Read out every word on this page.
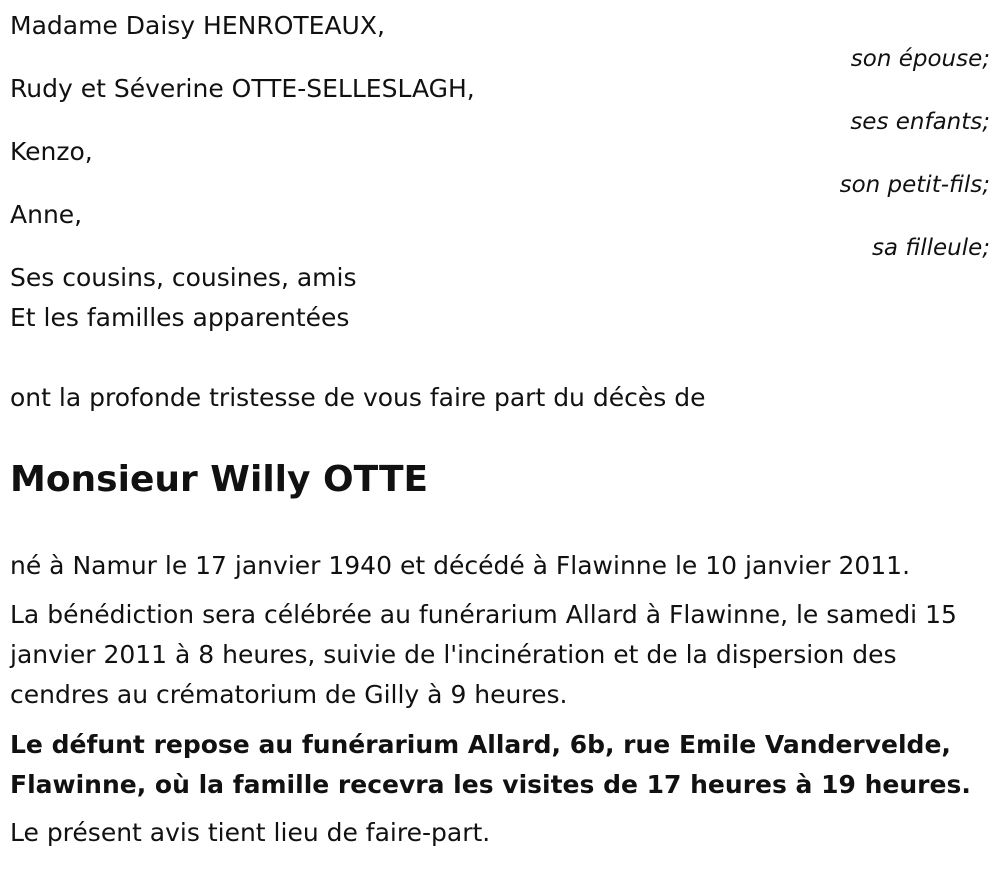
Madame Daisy HENROTEAUX,
son épouse;
Rudy et Séverine OTTE-SELLESLAGH,
ses enfants;
Kenzo,
son petit-fils;
Anne,
sa filleule;
Ses cousins, cousines, amis
Et les familles apparentées
ont la profonde tristesse de vous faire part du décès de
Monsieur Willy OTTE
né à Namur le 17 janvier 1940 et décédé à Flawinne le 10 janvier 2011.
La bénédiction sera célébrée au funérarium Allard à Flawinne, le samedi 15 janvier 2011 à 8 heures, suivie de l'incinération et de la dispersion des cendres au crématorium de Gilly à 9 heures.
Le défunt repose au funérarium Allard, 6b, rue Emile Vandervelde, Flawinne, où la famille recevra les visites de 17 heures à 19 heures.
Le présent avis tient lieu de faire-part.
